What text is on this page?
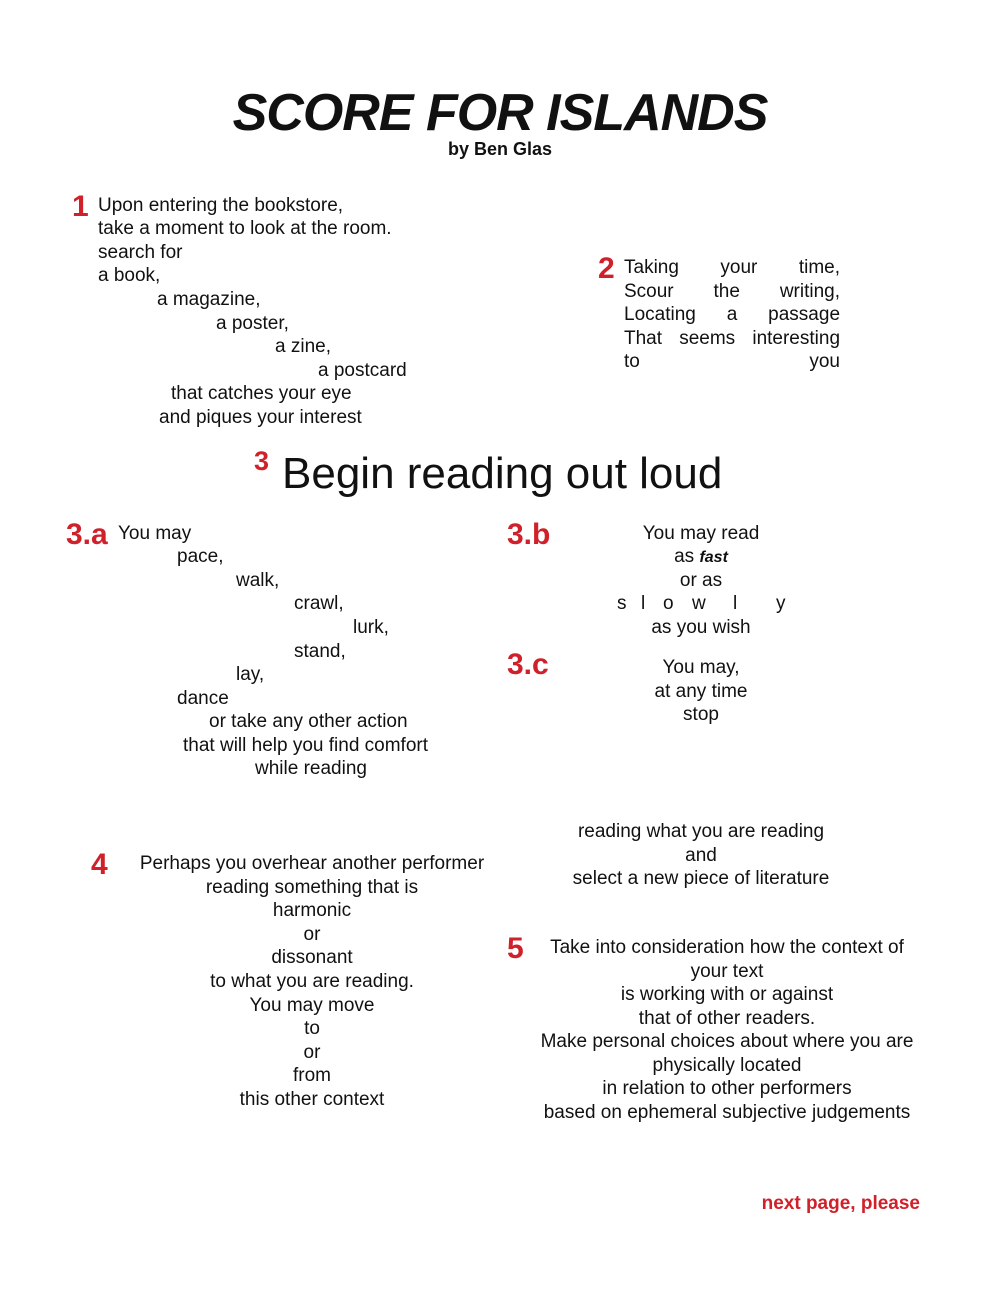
SCORE FOR ISLANDS
by Ben Glas
1 Upon entering the bookstore,
take a moment to look at the room.
search for
a book,
a magazine,
a poster,
a zine,
a postcard
that catches your eye
and piques your interest
2 Taking your time,
Scour the writing,
Locating a passage
That seems interesting
to	you
3 Begin reading out loud
3.a You may
pace,
walk,
crawl,
lurk,
stand,
lay,
dance
or take any other action
that will help you find comfort
while reading
3.b	You may read
as fast
or as
s l o w l y
as you wish
3.c	You may,
at any time
stop
reading what you are reading
and
select a new piece of literature
4 Perhaps you overhear another performer
reading something that is
harmonic
or
dissonant
to what you are reading.
You may move
to
or
from
this other context
5 Take into consideration how the context of
your text
is working with or against
that of other readers.
Make personal choices about where you are
physically located
in relation to other performers
based on ephemeral subjective judgements
next page, please
